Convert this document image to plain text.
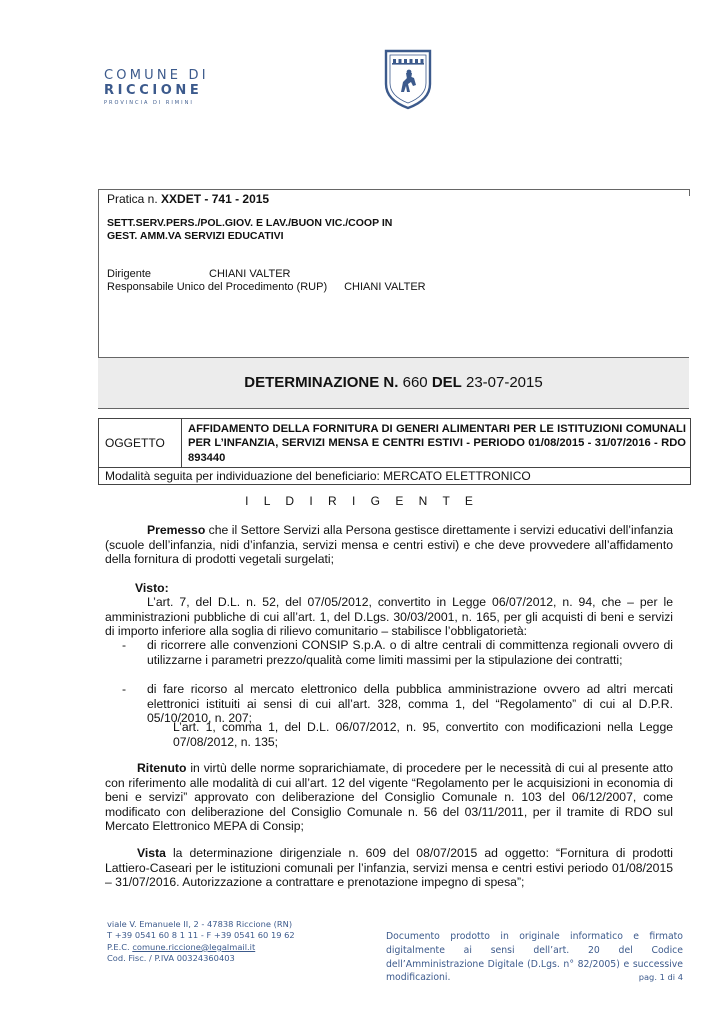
COMUNE DI
RICCIONE
PROVINCIA DI RIMINI
Pratica n. XXDET - 741 - 2015
SETT.SERV.PERS./POL.GIOV. E LAV./BUON VIC./COOP IN
GEST. AMM.VA SERVIZI EDUCATIVI
Dirigente	CHIANI VALTER
Responsabile Unico del Procedimento (RUP) CHIANI VALTER
DETERMINAZIONE N. 660 DEL 23-07-2015
OGGETTO
AFFIDAMENTO DELLA FORNITURA DI GENERI ALIMENTARI PER LE ISTITUZIONI COMUNALI PER L’INFANZIA, SERVIZI MENSA E CENTRI ESTIVI - PERIODO 01/08/2015 - 31/07/2016 - RDO 893440
Modalità seguita per individuazione del beneficiario: MERCATO ELETTRONICO
I L D I R I G E N T E
Premesso che il Settore Servizi alla Persona gestisce direttamente i servizi educativi dell’infanzia (scuole dell’infanzia, nidi d’infanzia, servizi mensa e centri estivi) e che deve provvedere all’affidamento della fornitura di prodotti vegetali surgelati;
Visto:
L’art. 7, del D.L. n. 52, del 07/05/2012, convertito in Legge 06/07/2012, n. 94, che – per le amministrazioni pubbliche di cui all’art. 1, del D.Lgs. 30/03/2001, n. 165, per gli acquisti di beni e servizi di importo inferiore alla soglia di rilievo comunitario – stabilisce l’obbligatorietà:
- di ricorrere alle convenzioni CONSIP S.p.A. o di altre centrali di committenza regionali ovvero di utilizzarne i parametri prezzo/qualità come limiti massimi per la stipulazione dei contratti;
- di fare ricorso al mercato elettronico della pubblica amministrazione ovvero ad altri mercati elettronici istituiti ai sensi di cui all’art. 328, comma 1, del “Regolamento” di cui al D.P.R. 05/10/2010, n. 207;
L’art. 1, comma 1, del D.L. 06/07/2012, n. 95, convertito con modificazioni nella Legge 07/08/2012, n. 135;
Ritenuto in virtù delle norme soprarichiamate, di procedere per le necessità di cui al presente atto con riferimento alle modalità di cui all’art. 12 del vigente “Regolamento per le acquisizioni in economia di beni e servizi” approvato con deliberazione del Consiglio Comunale n. 103 del 06/12/2007, come modificato con deliberazione del Consiglio Comunale n. 56 del 03/11/2011, per il tramite di RDO sul Mercato Elettronico MEPA di Consip;
Vista la determinazione dirigenziale n. 609 del 08/07/2015 ad oggetto: “Fornitura di prodotti Lattiero-Caseari per le istituzioni comunali per l’infanzia, servizi mensa e centri estivi periodo 01/08/2015 – 31/07/2016. Autorizzazione a contrattare e prenotazione impegno di spesa”;
viale V. Emanuele II, 2 - 47838 Riccione (RN)
T +39 0541 60 8 1 11 - F +39 0541 60 19 62
P.E.C. comune.riccione@legalmail.it
Cod. Fisc. / P.IVA 00324360403
Documento prodotto in originale informatico e firmato digitalmente ai sensi dell’art. 20 del Codice dell’Amministrazione Digitale (D.Lgs. n° 82/2005) e successive modificazioni.	pag. 1 di 4
